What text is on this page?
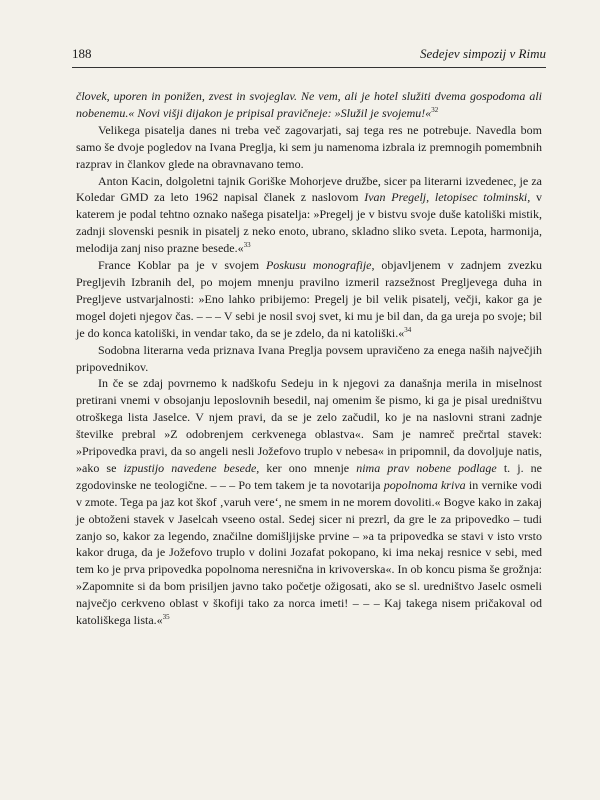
188	Sedejev simpozij v Rimu

človek, uporen in ponižen, zvest in svojeglav. Ne vem, ali je hotel služiti dvema gospodoma ali nobenemu.« Novi višji dijakon je pripisal pravičneje: »Služil je svojemu!«$^{32}$

Velikega pisatelja danes ni treba več zagovarjati, saj tega res ne potrebuje. Navedla bom samo še dvoje pogledov na Ivana Preglja, ki sem ju namenoma izbrala iz premnogih pomembnih razprav in člankov glede na obravnavano temo.

Anton Kacin, dolgoletni tajnik Goriške Mohorjeve družbe, sicer pa literarni izvedenec, je za Koledar GMD za leto 1962 napisal članek z naslovom Ivan Pregelj, letopisec tolminski, v katerem je podal tehtno oznako našega pisatelja: »Pregelj je v bistvu svoje duše katoliški mistik, zadnji slovenski pesnik in pisatelj z neko enoto, ubrano, skladno sliko sveta. Lepota, harmonija, melodija zanj niso prazne besede.«$^{33}$

France Koblar pa je v svojem Poskusu monografije, objavljenem v zadnjem zvezku Pregljevih Izbranih del, po mojem mnenju pravilno izmeril razsežnost Pregljevega duha in Pregljeve ustvarjalnosti: »Eno lahko pribijemo: Pregelj je bil velik pisatelj, večji, kakor ga je mogel dojeti njegov čas. – – – V sebi je nosil svoj svet, ki mu je bil dan, da ga ureja po svoje; bil je do konca katoliški, in vendar tako, da se je zdelo, da ni katoliški.«$^{34}$

Sodobna literarna veda priznava Ivana Preglja povsem upravičeno za enega naših največjih pripovednikov.

In če se zdaj povrnemo k nadškofu Sedeju in k njegovi za današnja merila in miselnost pretirani vnemi v obsojanju leposlovnih besedil, naj omenim še pismo, ki ga je pisal uredništvu otroškega lista Jaselce. V njem pravi, da se je zelo začudil, ko je na naslovni strani zadnje številke prebral »Z odobrenjem cerkvenega oblastva«. Sam je namreč prečrtal stavek: »Pripovedka pravi, da so angeli nesli Jožefovo truplo v nebesa« in pripomnil, da dovoljuje natis, »ako se izpustijo navedene besede, ker ono mnenje nima prav nobene podlage t. j. ne zgodovinske ne teologične. – – – Po tem takem je ta novotarija popolnoma kriva in vernike vodi v zmote. Tega pa jaz kot škof ‚varuh vere‘, ne smem in ne morem dovoliti.« Bogve kako in zakaj je obtoženi stavek v Jaselcah vseeno ostal. Sedej sicer ni prezrl, da gre le za pripovedko – tudi zanjo so, kakor za legendo, značilne domišljijske prvine – »a ta pripovedka se stavi v isto vrsto kakor druga, da je Jožefovo truplo v dolini Jozafat pokopano, ki ima nekaj resnice v sebi, med tem ko je prva pripovedka popolnoma neresnična in krivoverska«. In ob koncu pisma še grožnja: »Zapomnite si da bom prisiljen javno tako početje ožigosati, ako se sl. uredništvo Jaselc osmeli največjo cerkveno oblast v škofiji tako za norca imeti! – – – Kaj takega nisem pričakoval od katoliškega lista.«$^{35}$
